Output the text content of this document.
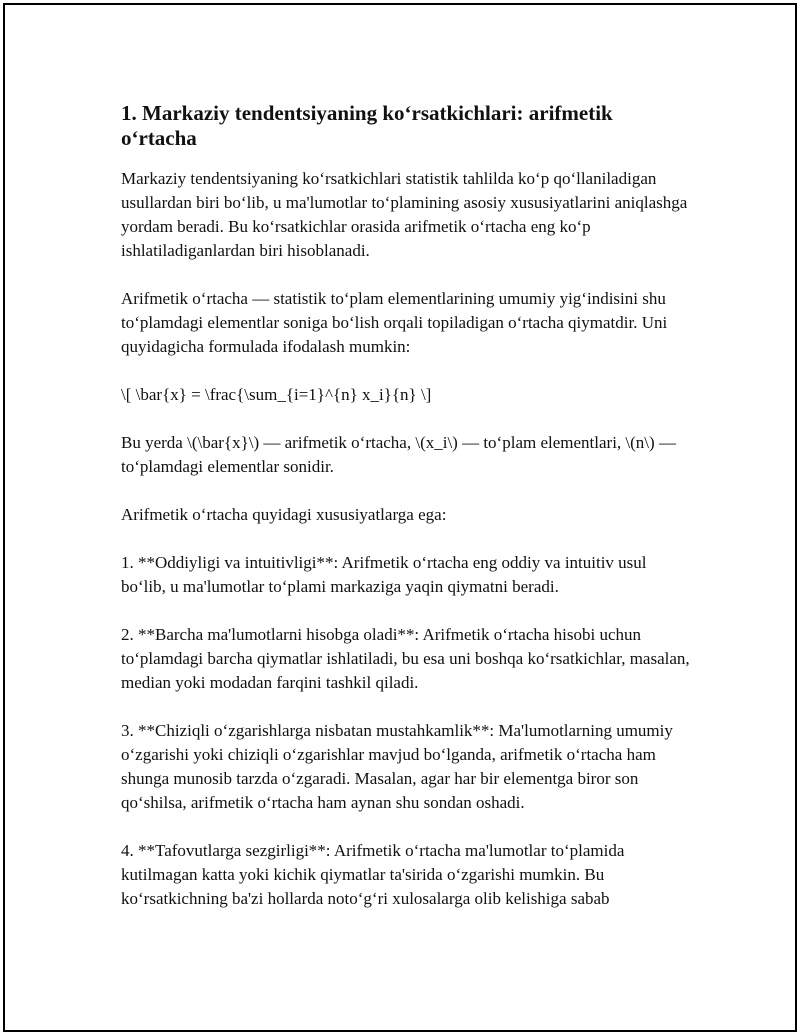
1. Markaziy tendentsiyaning ko‘rsatkichlari: arifmetik o‘rtacha

Markaziy tendentsiyaning ko‘rsatkichlari statistik tahlilda ko‘p qo‘llaniladigan usullardan biri bo‘lib, u ma'lumotlar to‘plamining asosiy xususiyatlarini aniqlashga yordam beradi. Bu ko‘rsatkichlar orasida arifmetik o‘rtacha eng ko‘p ishlatiladiganlardan biri hisoblanadi.

Arifmetik o‘rtacha — statistik to‘plam elementlarining umumiy yig‘indisini shu to‘plamdagi elementlar soniga bo‘lish orqali topiladigan o‘rtacha qiymatdir. Uni quyidagicha formulada ifodalash mumkin:

\[ \bar{x} = \frac{\sum_{i=1}^{n} x_i}{n} \]

Bu yerda \(\bar{x}\) — arifmetik o‘rtacha, \(x_i\) — to‘plam elementlari, \(n\) — to‘plamdagi elementlar sonidir.

Arifmetik o‘rtacha quyidagi xususiyatlarga ega:

1. **Oddiyligi va intuitivligi**: Arifmetik o‘rtacha eng oddiy va intuitiv usul bo‘lib, u ma'lumotlar to‘plami markaziga yaqin qiymatni beradi.

2. **Barcha ma'lumotlarni hisobga oladi**: Arifmetik o‘rtacha hisobi uchun to‘plamdagi barcha qiymatlar ishlatiladi, bu esa uni boshqa ko‘rsatkichlar, masalan, median yoki modadan farqini tashkil qiladi.

3. **Chiziqli o‘zgarishlarga nisbatan mustahkamlik**: Ma'lumotlarning umumiy o‘zgarishi yoki chiziqli o‘zgarishlar mavjud bo‘lganda, arifmetik o‘rtacha ham shunga munosib tarzda o‘zgaradi. Masalan, agar har bir elementga biror son qo‘shilsa, arifmetik o‘rtacha ham aynan shu sondan oshadi.

4. **Tafovutlarga sezgirligi**: Arifmetik o‘rtacha ma'lumotlar to‘plamida kutilmagan katta yoki kichik qiymatlar ta'sirida o‘zgarishi mumkin. Bu ko‘rsatkichning ba'zi hollarda noto‘g‘ri xulosalarga olib kelishiga sabab
